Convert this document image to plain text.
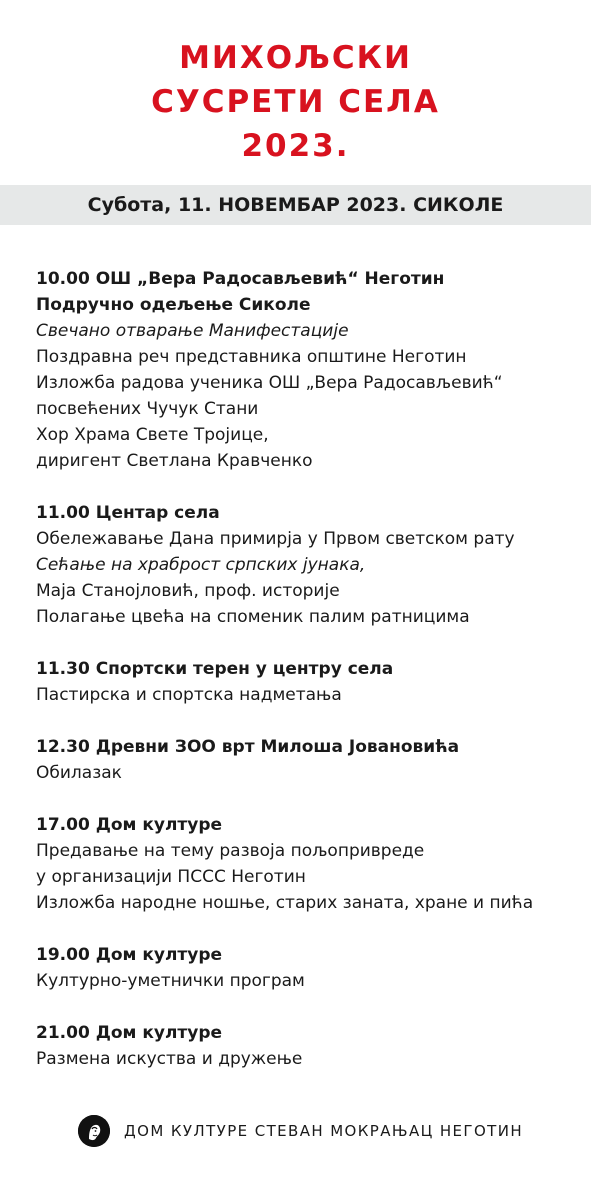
МИХОЉСКИ
СУСРЕТИ СЕЛА
2023.
Субота, 11. НОВЕМБАР 2023. СИКОЛЕ
10.00 ОШ „Вера Радосављевић“ Неготин
Подручно одељење Сиколе
Свечано отварање Манифестације
Поздравна реч представника општине Неготин
Изложба радова ученика ОШ „Вера Радосављевић“
посвећених Чучук Стани
Хор Храма Свете Тројице,
диригент Светлана Кравченко
11.00 Центар села
Обележавање Дана примирја у Првом светском рату
Сећање на храброст српских јунака,
Маја Станојловић, проф. историје
Полагање цвећа на споменик палим ратницима
11.30 Спортски терен у центру села
Пастирска и спортска надметања
12.30 Древни ЗОО врт Милоша Јовановића
Обилазак
17.00 Дом културе
Предавање на тему развоја пољопривреде
у организацији ПССС Неготин
Изложба народне ношње, старих заната, хране и пића
19.00 Дом културе
Културно-уметнички програм
21.00 Дом културе
Размена искуства и дружење
ДОМ КУЛТУРЕ СТЕВАН МОКРАЊАЦ НЕГОТИН
